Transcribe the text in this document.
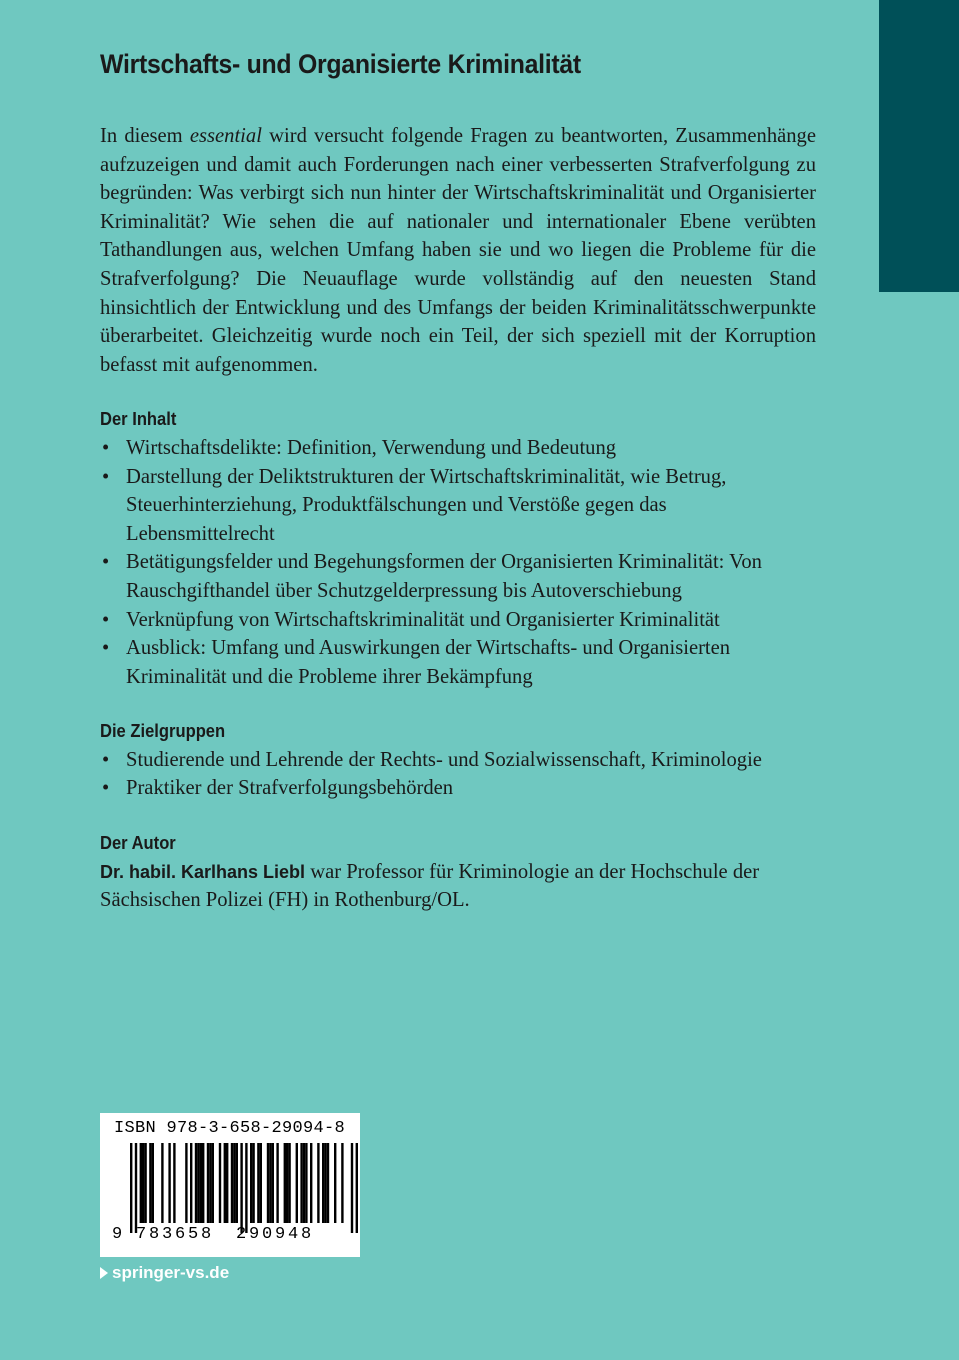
Wirtschafts- und Organisierte Kriminalität

In diesem essential wird versucht folgende Fragen zu beantworten, Zusammenhänge aufzuzeigen und damit auch Forderungen nach einer verbesserten Strafverfolgung zu begründen: Was verbirgt sich nun hinter der Wirtschaftskriminalität und Organisierter Kriminalität? Wie sehen die auf nationaler und internationaler Ebene verübten Tathandlungen aus, welchen Umfang haben sie und wo liegen die Probleme für die Strafverfolgung? Die Neuauflage wurde vollständig auf den neuesten Stand hinsichtlich der Entwicklung und des Umfangs der beiden Kriminalitätsschwerpunkte überarbeitet. Gleichzeitig wurde noch ein Teil, der sich speziell mit der Korruption befasst mit aufgenommen.

Der Inhalt

• Wirtschaftsdelikte: Definition, Verwendung und Bedeutung
• Darstellung der Deliktstrukturen der Wirtschaftskriminalität, wie Betrug, Steuerhinterziehung, Produktfälschungen und Verstöße gegen das Lebensmittelrecht
• Betätigungsfelder und Begehungsformen der Organisierten Kriminalität: Von Rauschgifthandel über Schutzgelderpressung bis Autoverschiebung
• Verknüpfung von Wirtschaftskriminalität und Organisierter Kriminalität
• Ausblick: Umfang und Auswirkungen der Wirtschafts- und Organisierten Kriminalität und die Probleme ihrer Bekämpfung

Die Zielgruppen

• Studierende und Lehrende der Rechts- und Sozialwissenschaft, Kriminologie
• Praktiker der Strafverfolgungsbehörden

Der Autor

Dr. habil. Karlhans Liebl war Professor für Kriminologie an der Hochschule der Sächsischen Polizei (FH) in Rothenburg/OL.

ISBN 978-3-658-29094-8
9 783658 290948
springer-vs.de
